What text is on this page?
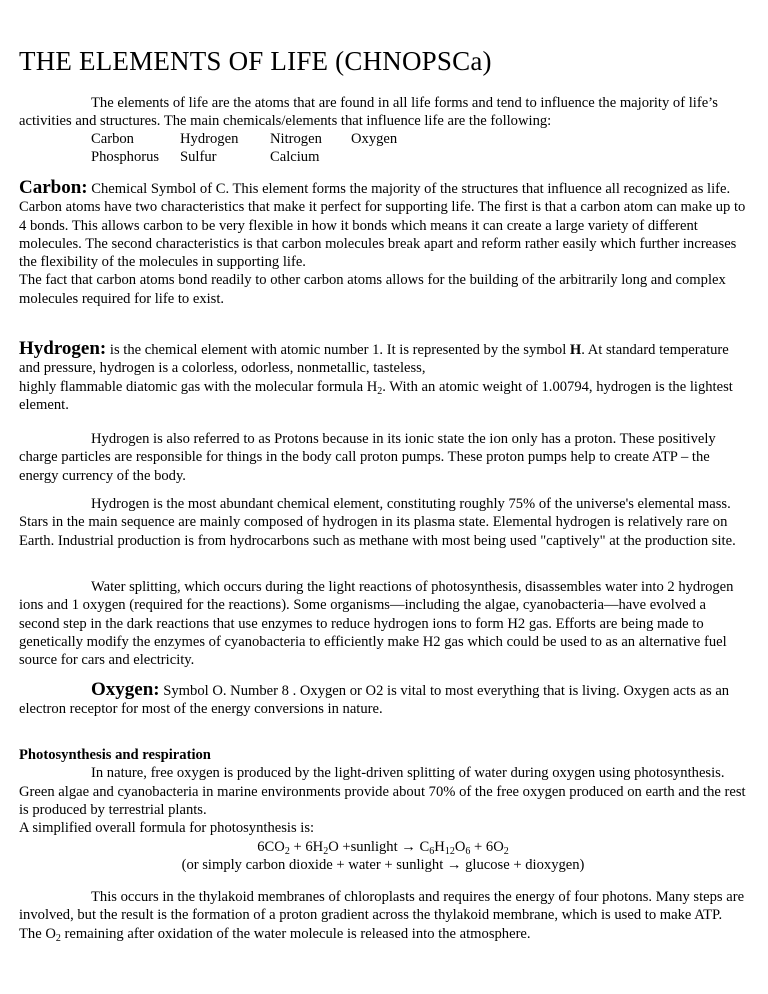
THE ELEMENTS OF LIFE (CHNOPSCa)

The elements of life are the atoms that are found in all life forms and tend to influence the majority of life’s activities and structures. The main chemicals/elements that influence life are the following:

Carbon	Hydrogen Nitrogen Oxygen
Phosphorus Sulfur	Calcium

Carbon: Chemical Symbol of C. This element forms the majority of the structures that influence all recognized as life. Carbon atoms have two characteristics that make it perfect for supporting life. The first is that a carbon atom can make up to 4 bonds. This allows carbon to be very flexible in how it bonds which means it can create a large variety of different molecules. The second characteristics is that carbon molecules break apart and reform rather easily which further increases the flexibility of the molecules in supporting life.
The fact that carbon atoms bond readily to other carbon atoms allows for the building of the arbitrarily long and complex molecules required for life to exist.

Hydrogen: is the chemical element with atomic number 1. It is represented by the symbol H. At standard temperature and pressure, hydrogen is a colorless, odorless, nonmetallic, tasteless,
highly flammable diatomic gas with the molecular formula $H_2$. With an atomic weight of 1.00794, hydrogen is the lightest element.

Hydrogen is also referred to as Protons because in its ionic state the ion only has a proton. These positively charge particles are responsible for things in the body call proton pumps. These proton pumps help to create ATP – the energy currency of the body.

Hydrogen is the most abundant chemical element, constituting roughly 75% of the universe's elemental mass. Stars in the main sequence are mainly composed of hydrogen in its plasma state. Elemental hydrogen is relatively rare on Earth. Industrial production is from hydrocarbons such as methane with most being used "captively" at the production site.

Water splitting, which occurs during the light reactions of photosynthesis, disassembles water into 2 hydrogen ions and 1 oxygen (required for the reactions). Some organisms—including the algae, cyanobacteria—have evolved a second step in the dark reactions that use enzymes to reduce hydrogen ions to form H2 gas. Efforts are being made to genetically modify the enzymes of cyanobacteria to efficiently make H2 gas which could be used to as an alternative fuel source for cars and electricity.

Oxygen: Symbol O. Number 8 . Oxygen or O2 is vital to most everything that is living. Oxygen acts as an electron receptor for most of the energy conversions in nature.

Photosynthesis and respiration
In nature, free oxygen is produced by the light-driven splitting of water during oxygen using photosynthesis. Green algae and cyanobacteria in marine environments provide about 70% of the free oxygen produced on earth and the rest is produced by terrestrial plants.
A simplified overall formula for photosynthesis is:

$6CO_2 + 6H_2O$ +sunlight → $C_6H_{12}O_6 + 6O_2$
(or simply carbon dioxide + water + sunlight → glucose + dioxygen)

This occurs in the thylakoid membranes of chloroplasts and requires the energy of four photons. Many steps are involved, but the result is the formation of a proton gradient across the thylakoid membrane, which is used to make ATP. The $O_2$ remaining after oxidation of the water molecule is released into the atmosphere.
